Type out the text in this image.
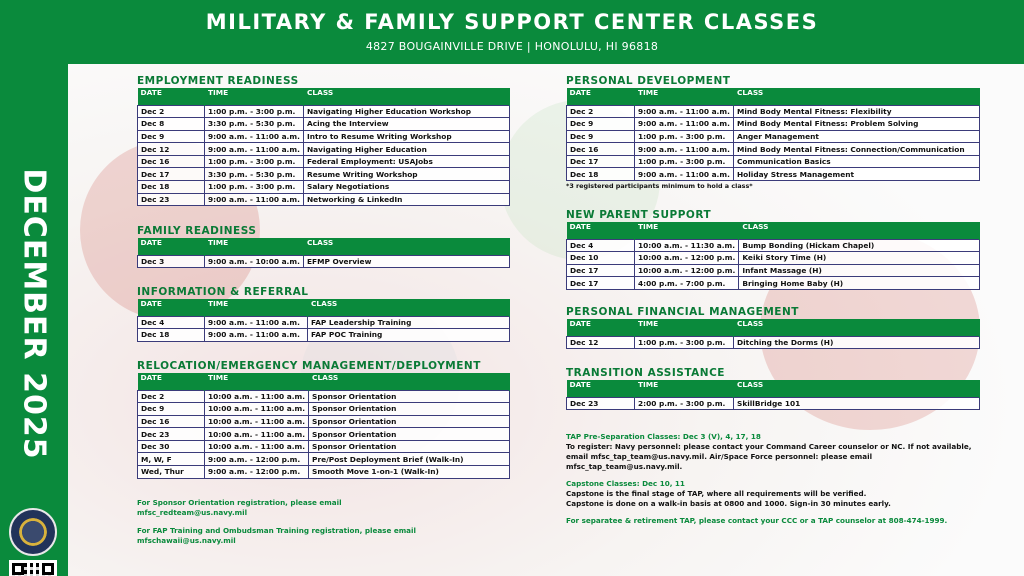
MILITARY & FAMILY SUPPORT CENTER CLASSES
4827 BOUGAINVILLE DRIVE | HONOLULU, HI 96818
DECEMBER 2025
EMPLOYMENT READINESS
DATE	TIME	CLASS
Dec 2	1:00 p.m. - 3:00 p.m.	Navigating Higher Education Workshop
Dec 8	3:30 p.m. - 5:30 p.m.	Acing the Interview
Dec 9	9:00 a.m. - 11:00 a.m.	Intro to Resume Writing Workshop
Dec 12	9:00 a.m. - 11:00 a.m.	Navigating Higher Education
Dec 16	1:00 p.m. - 3:00 p.m.	Federal Employment: USAJobs
Dec 17	3:30 p.m. - 5:30 p.m.	Resume Writing Workshop
Dec 18	1:00 p.m. - 3:00 p.m.	Salary Negotiations
Dec 23	9:00 a.m. - 11:00 a.m.	Networking & LinkedIn
FAMILY READINESS
DATE	TIME	CLASS
Dec 3	9:00 a.m. - 10:00 a.m.	EFMP Overview
INFORMATION & REFERRAL
DATE	TIME	CLASS
Dec 4	9:00 a.m. - 11:00 a.m.	FAP Leadership Training
Dec 18	9:00 a.m. - 11:00 a.m.	FAP POC Training
RELOCATION/EMERGENCY MANAGEMENT/DEPLOYMENT
DATE	TIME	CLASS
Dec 2	10:00 a.m. - 11:00 a.m.	Sponsor Orientation
Dec 9	10:00 a.m. - 11:00 a.m.	Sponsor Orientation
Dec 16	10:00 a.m. - 11:00 a.m.	Sponsor Orientation
Dec 23	10:00 a.m. - 11:00 a.m.	Sponsor Orientation
Dec 30	10:00 a.m. - 11:00 a.m.	Sponsor Orientation
M, W, F	9:00 a.m. - 12:00 p.m.	Pre/Post Deployment Brief (Walk-In)
Wed, Thur	9:00 a.m. - 12:00 p.m.	Smooth Move 1-on-1 (Walk-In)
For Sponsor Orientation registration, please email mfsc_redteam@us.navy.mil
For FAP Training and Ombudsman Training registration, please email mfschawaii@us.navy.mil
PERSONAL DEVELOPMENT
DATE	TIME	CLASS
Dec 2	9:00 a.m. - 11:00 a.m.	Mind Body Mental Fitness: Flexibility
Dec 9	9:00 a.m. - 11:00 a.m.	Mind Body Mental Fitness: Problem Solving
Dec 9	1:00 p.m. - 3:00 p.m.	Anger Management
Dec 16	9:00 a.m. - 11:00 a.m.	Mind Body Mental Fitness: Connection/Communication
Dec 17	1:00 p.m. - 3:00 p.m.	Communication Basics
Dec 18	9:00 a.m. - 11:00 a.m.	Holiday Stress Management
*3 registered participants minimum to hold a class*
NEW PARENT SUPPORT
DATE	TIME	CLASS
Dec 4	10:00 a.m. - 11:30 a.m.	Bump Bonding (Hickam Chapel)
Dec 10	10:00 a.m. - 12:00 p.m.	Keiki Story Time (H)
Dec 17	10:00 a.m. - 12:00 p.m.	Infant Massage (H)
Dec 17	4:00 p.m. - 7:00 p.m.	Bringing Home Baby (H)
PERSONAL FINANCIAL MANAGEMENT
DATE	TIME	CLASS
Dec 12	1:00 p.m. - 3:00 p.m.	Ditching the Dorms (H)
TRANSITION ASSISTANCE
DATE	TIME	CLASS
Dec 23	2:00 p.m. - 3:00 p.m.	SkillBridge 101
TAP Pre-Separation Classes: Dec 3 (V), 4, 17, 18
To register: Navy personnel: please contact your Command Career counselor or NC. If not available, email mfsc_tap_team@us.navy.mil. Air/Space Force personnel: please email mfsc_tap_team@us.navy.mil.
Capstone Classes: Dec 10, 11
Capstone is the final stage of TAP, where all requirements will be verified.
Capstone is done on a walk-in basis at 0800 and 1000. Sign-in 30 minutes early.
For separatee & retirement TAP, please contact your CCC or a TAP counselor at 808-474-1999.
